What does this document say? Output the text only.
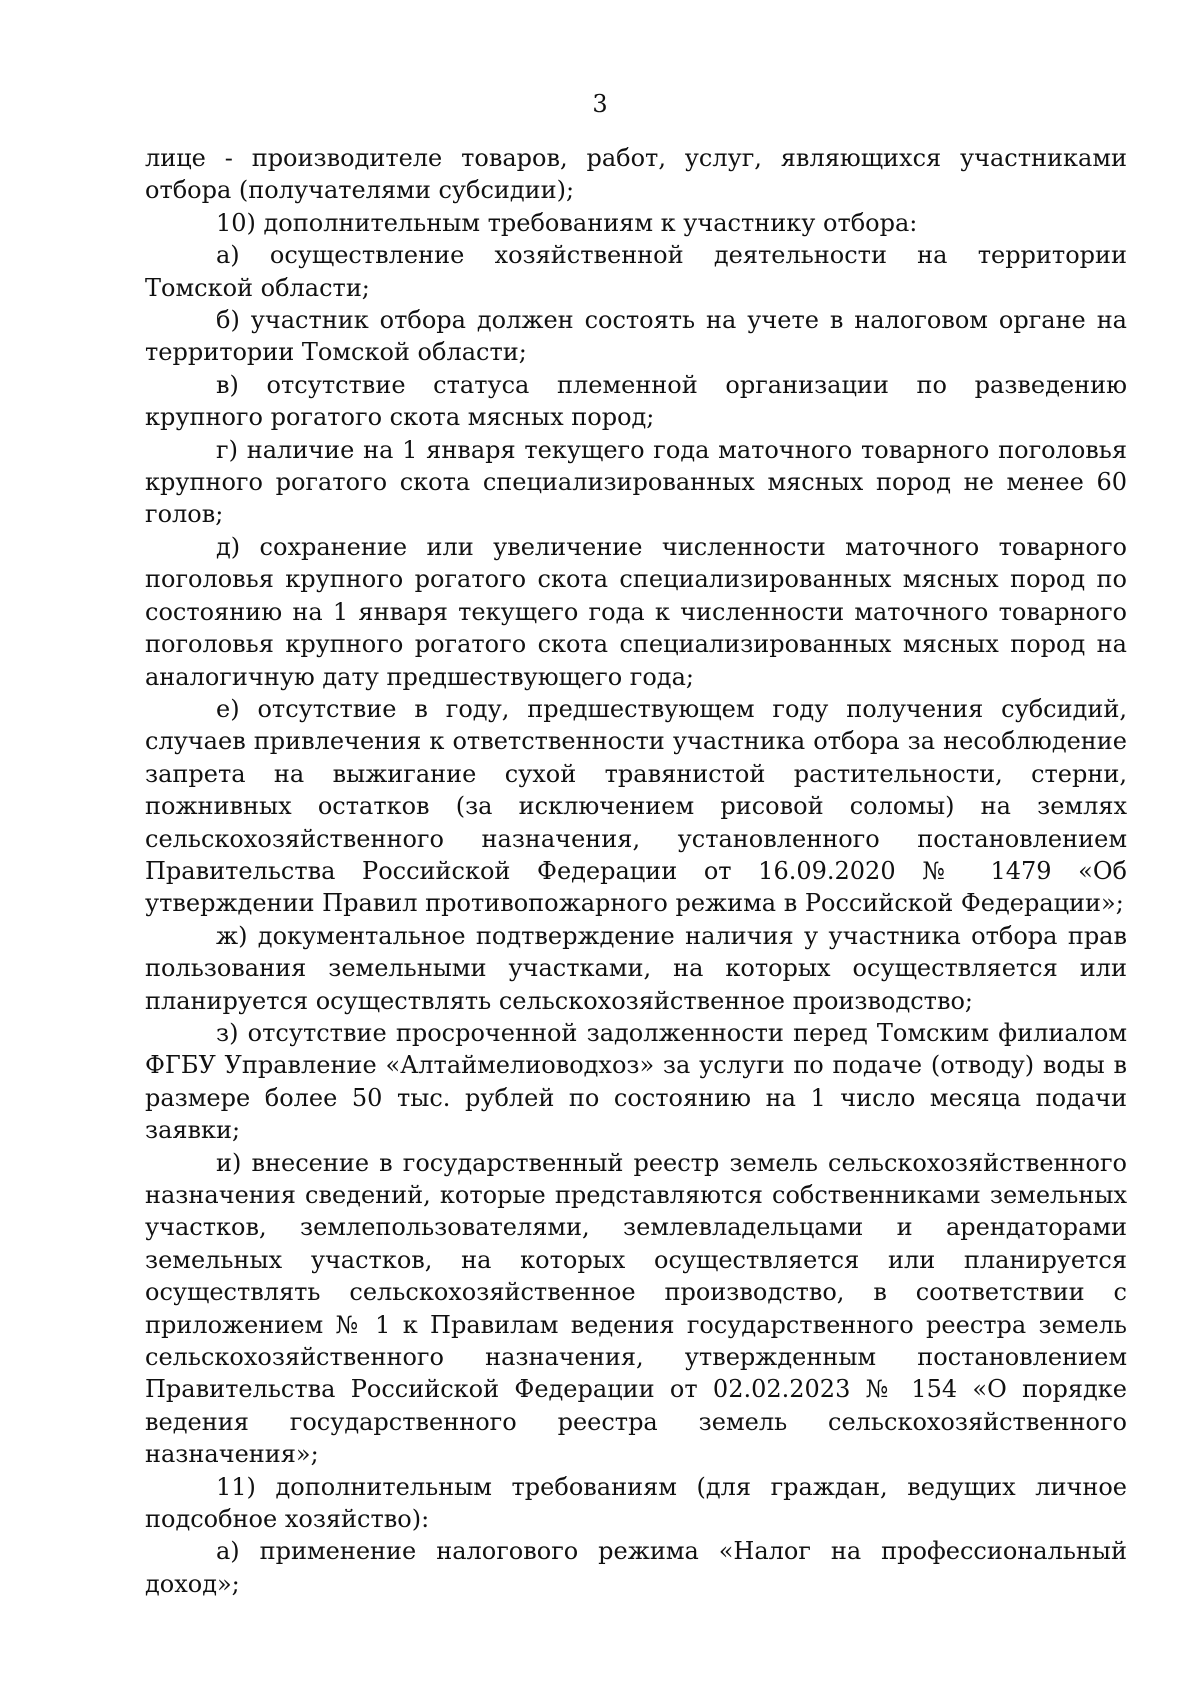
3

лице - производителе товаров, работ, услуг, являющихся участниками отбора (получателями субсидии);

10) дополнительным требованиям к участнику отбора:

а) осуществление хозяйственной деятельности на территории Томской области;

б) участник отбора должен состоять на учете в налоговом органе на территории Томской области;

в) отсутствие статуса племенной организации по разведению крупного рогатого скота мясных пород;

г) наличие на 1 января текущего года маточного товарного поголовья крупного рогатого скота специализированных мясных пород не менее 60 голов;

д) сохранение или увеличение численности маточного товарного поголовья крупного рогатого скота специализированных мясных пород по состоянию на 1 января текущего года к численности маточного товарного поголовья крупного рогатого скота специализированных мясных пород на аналогичную дату предшествующего года;

е) отсутствие в году, предшествующем году получения субсидий, случаев привлечения к ответственности участника отбора за несоблюдение запрета на выжигание сухой травянистой растительности, стерни, пожнивных остатков (за исключением рисовой соломы) на землях сельскохозяйственного назначения, установленного постановлением Правительства Российской Федерации от 16.09.2020 № 1479 «Об утверждении Правил противопожарного режима в Российской Федерации»;

ж) документальное подтверждение наличия у участника отбора прав пользования земельными участками, на которых осуществляется или планируется осуществлять сельскохозяйственное производство;

з) отсутствие просроченной задолженности перед Томским филиалом ФГБУ Управление «Алтаймелиоводхоз» за услуги по подаче (отводу) воды в размере более 50 тыс. рублей по состоянию на 1 число месяца подачи заявки;

и) внесение в государственный реестр земель сельскохозяйственного назначения сведений, которые представляются собственниками земельных участков, землепользователями, землевладельцами и арендаторами земельных участков, на которых осуществляется или планируется осуществлять сельскохозяйственное производство, в соответствии с приложением № 1 к Правилам ведения государственного реестра земель сельскохозяйственного назначения, утвержденным постановлением Правительства Российской Федерации от 02.02.2023 № 154 «О порядке ведения государственного реестра земель сельскохозяйственного назначения»;

11) дополнительным требованиям (для граждан, ведущих личное подсобное хозяйство):

а) применение налогового режима «Налог на профессиональный доход»;
